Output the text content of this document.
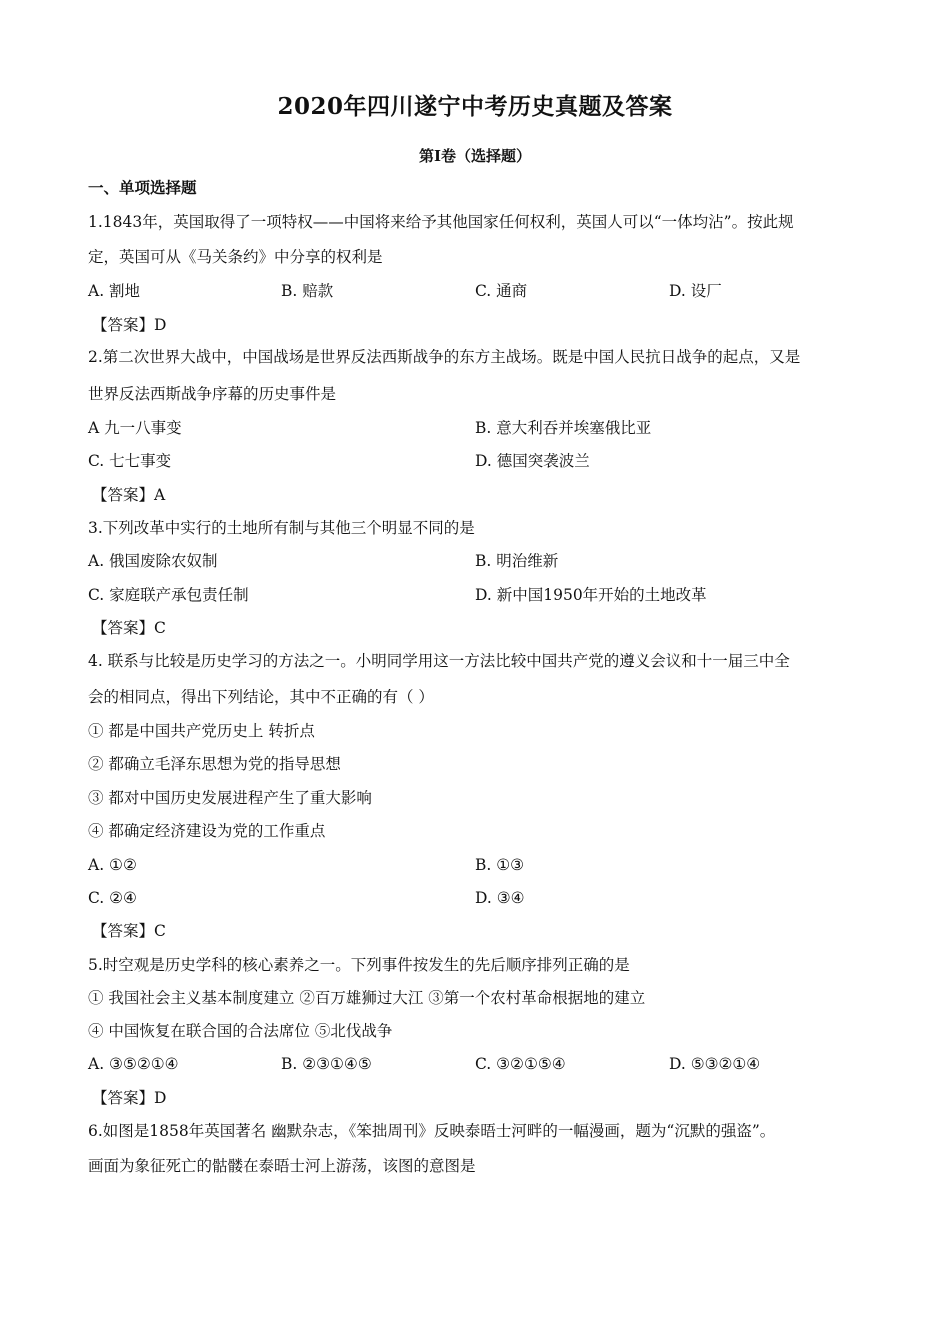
2020年四川遂宁中考历史真题及答案
第I卷（选择题）
一、单项选择题
1.1843年，英国取得了一项特权——中国将来给予其他国家任何权利，英国人可以“一体均沾”。按此规
定，英国可从《马关条约》中分享的权利是
A. 割地	B. 赔款	C. 通商	D. 设厂
【答案】D
2.第二次世界大战中，中国战场是世界反法西斯战争的东方主战场。既是中国人民抗日战争的起点，又是
世界反法西斯战争序幕的历史事件是
A 九一八事变	B. 意大利吞并埃塞俄比亚
C. 七七事变	D. 德国突袭波兰
【答案】A
3.下列改革中实行的土地所有制与其他三个明显不同的是
A. 俄国废除农奴制	B. 明治维新
C. 家庭联产承包责任制	D. 新中国1950年开始的土地改革
【答案】C
4. 联系与比较是历史学习的方法之一。小明同学用这一方法比较中国共产党的遵义会议和十一届三中全
会的相同点，得出下列结论，其中不正确的有（ ）
① 都是中国共产党历史上 转折点
② 都确立毛泽东思想为党的指导思想
③ 都对中国历史发展进程产生了重大影响
④ 都确定经济建设为党的工作重点
A. ①②	B. ①③
C. ②④	D. ③④
【答案】C
5.时空观是历史学科的核心素养之一。下列事件按发生的先后顺序排列正确的是
① 我国社会主义基本制度建立 ②百万雄狮过大江 ③第一个农村革命根据地的建立
④ 中国恢复在联合国的合法席位 ⑤北伐战争
A. ③⑤②①④	B. ②③①④⑤	C. ③②①⑤④	D. ⑤③②①④
【答案】D
6.如图是1858年英国著名 幽默杂志，《笨拙周刊》反映泰晤士河畔的一幅漫画，题为“沉默的强盗”。
画面为象征死亡的骷髅在泰晤士河上游荡，该图的意图是
